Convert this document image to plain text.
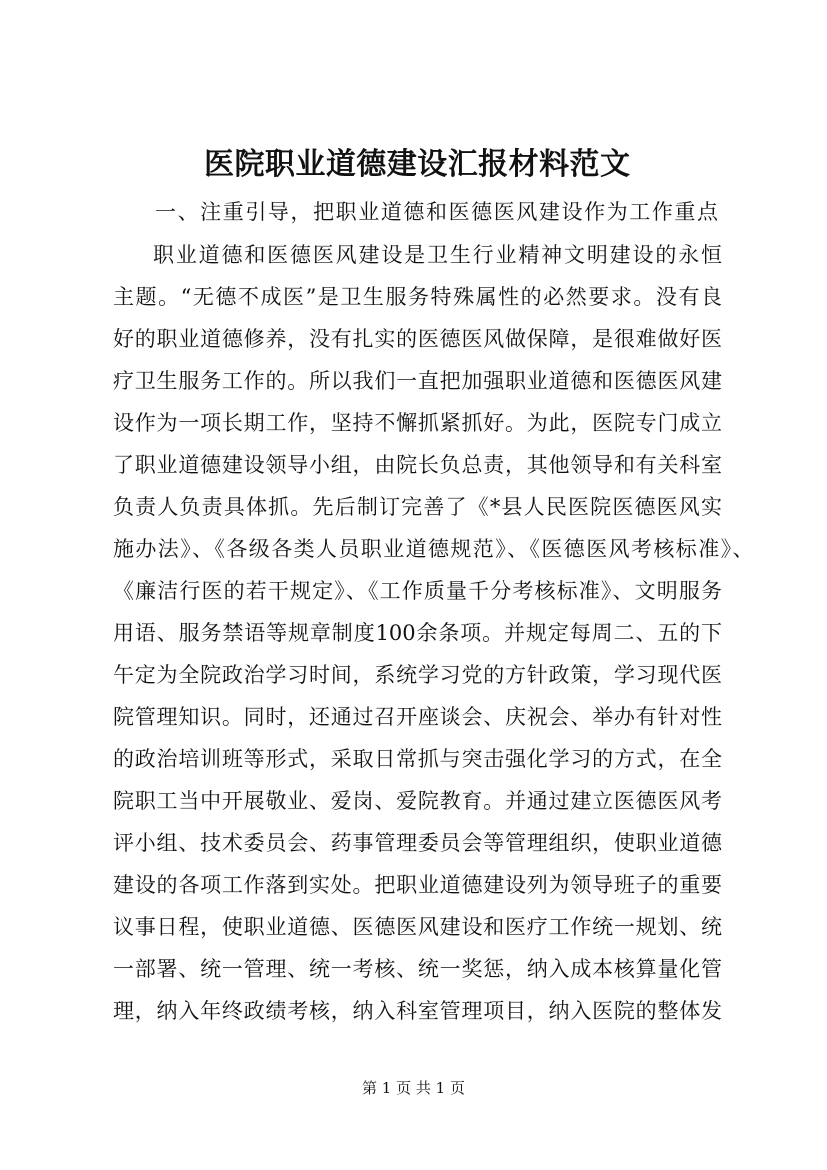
医院职业道德建设汇报材料范文
一、注重引导，把职业道德和医德医风建设作为工作重点
职业道德和医德医风建设是卫生行业精神文明建设的永恒
主题。“无德不成医”是卫生服务特殊属性的必然要求。没有良
好的职业道德修养，没有扎实的医德医风做保障，是很难做好医
疗卫生服务工作的。所以我们一直把加强职业道德和医德医风建
设作为一项长期工作，坚持不懈抓紧抓好。为此，医院专门成立
了职业道德建设领导小组，由院长负总责，其他领导和有关科室
负责人负责具体抓。先后制订完善了《*县人民医院医德医风实
施办法》、《各级各类人员职业道德规范》、《医德医风考核标准》、
《廉洁行医的若干规定》、《工作质量千分考核标准》、文明服务
用语、服务禁语等规章制度100余条项。并规定每周二、五的下
午定为全院政治学习时间，系统学习党的方针政策，学习现代医
院管理知识。同时，还通过召开座谈会、庆祝会、举办有针对性
的政治培训班等形式，采取日常抓与突击强化学习的方式，在全
院职工当中开展敬业、爱岗、爱院教育。并通过建立医德医风考
评小组、技术委员会、药事管理委员会等管理组织，使职业道德
建设的各项工作落到实处。把职业道德建设列为领导班子的重要
议事日程，使职业道德、医德医风建设和医疗工作统一规划、统
一部署、统一管理、统一考核、统一奖惩，纳入成本核算量化管
理，纳入年终政绩考核，纳入科室管理项目，纳入医院的整体发
第 1 页 共 1 页
